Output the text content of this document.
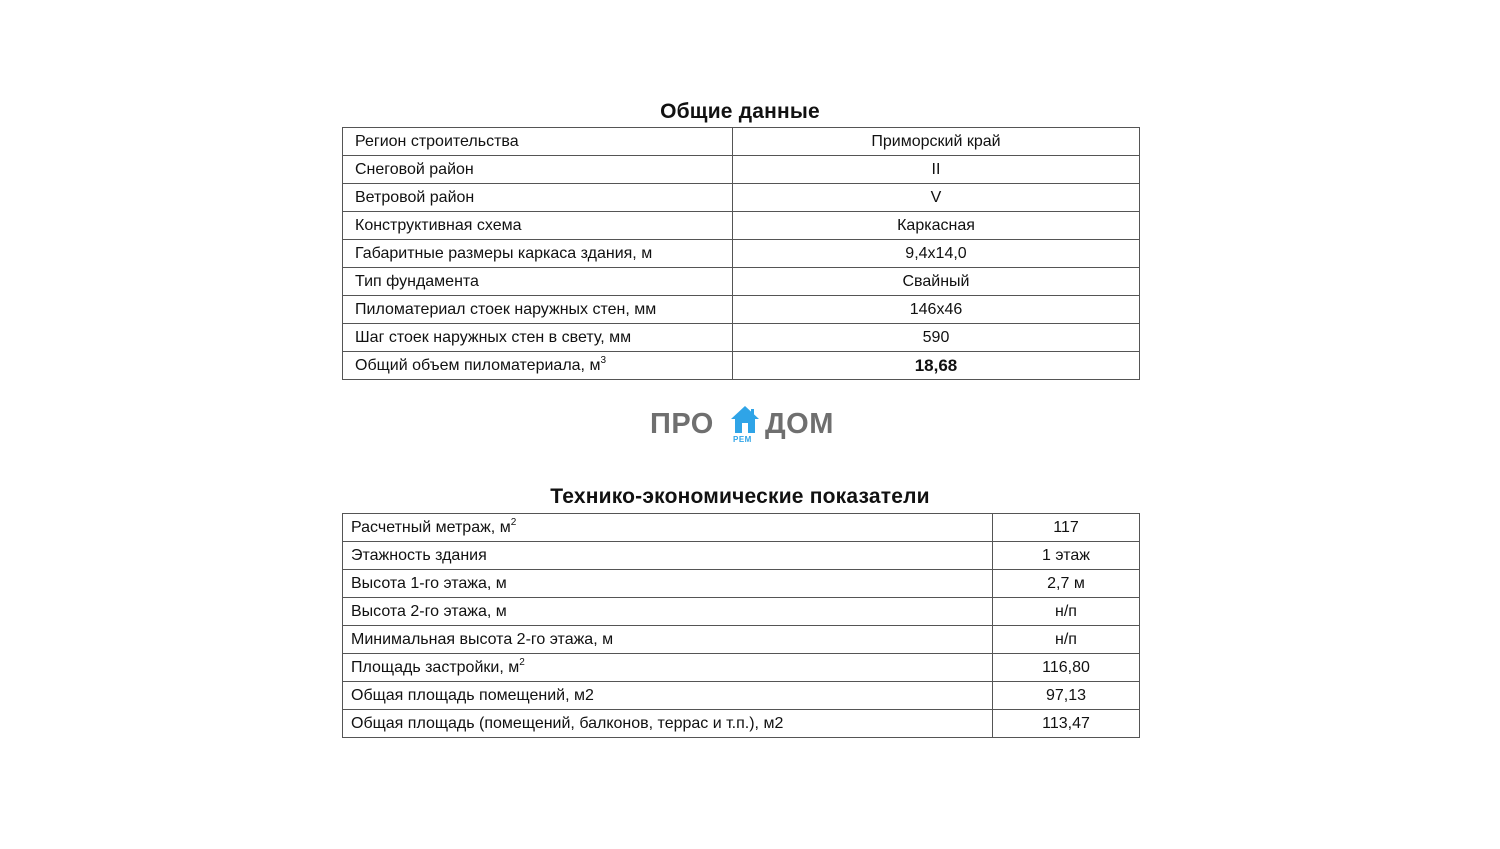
Общие данные
Регион строительства	Приморский край
Снеговой район	II
Ветровой район	V
Конструктивная схема	Каркасная
Габаритные размеры каркаса здания, м	9,4x14,0
Тип фундамента	Свайный
Пиломатериал стоек наружных стен, мм	146x46
Шаг стоек наружных стен в свету, мм	590
Общий объем пиломатериала, $м^3$	18,68
ПРО РЕМ ДОМ
Технико-экономические показатели
Расчетный метраж, $м^2$	117
Этажность здания	1 этаж
Высота 1-го этажа, м	2,7 м
Высота 2-го этажа, м	н/п
Минимальная высота 2-го этажа, м	н/п
Площадь застройки, $м^2$	116,80
Общая площадь помещений, м2	97,13
Общая площадь (помещений, балконов, террас и т.п.), м2	113,47
